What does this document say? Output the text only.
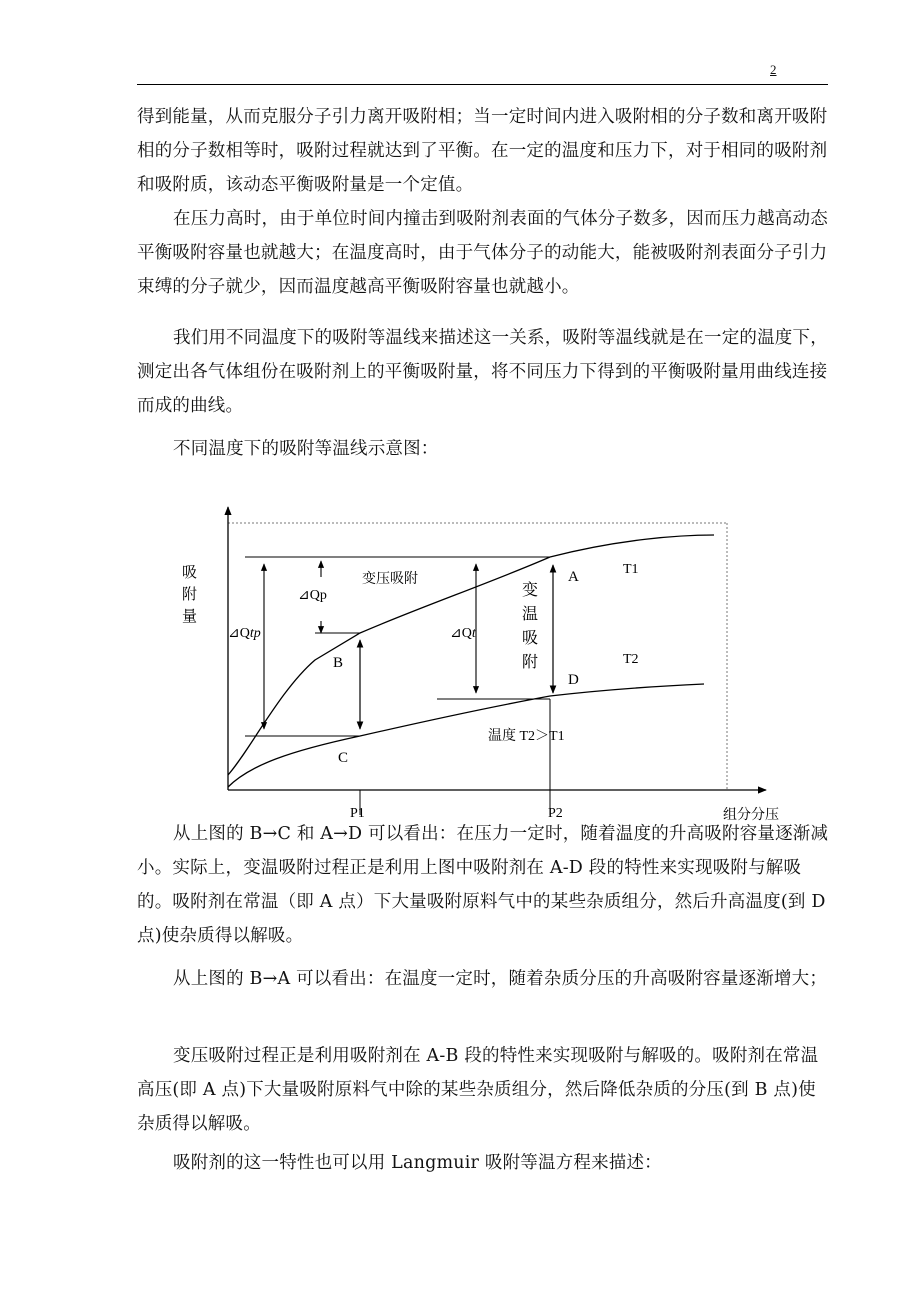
2

得到能量，从而克服分子引力离开吸附相；当一定时间内进入吸附相的分子数和离开吸附相的分子数相等时，吸附过程就达到了平衡。在一定的温度和压力下，对于相同的吸附剂和吸附质，该动态平衡吸附量是一个定值。

在压力高时，由于单位时间内撞击到吸附剂表面的气体分子数多，因而压力越高动态平衡吸附容量也就越大；在温度高时，由于气体分子的动能大，能被吸附剂表面分子引力束缚的分子就少，因而温度越高平衡吸附容量也就越小。

我们用不同温度下的吸附等温线来描述这一关系，吸附等温线就是在一定的温度下，测定出各气体组份在吸附剂上的平衡吸附量，将不同压力下得到的平衡吸附量用曲线连接而成的曲线。

不同温度下的吸附等温线示意图：

吸
附
量
变压吸附
⊿Qp
⊿Qtp	⊿Qt
变
温
吸
附
A
B
C
D
T1
T2
温度 T2＞T1
P1	P2	组分分压

从上图的 B→C 和 A→D 可以看出：在压力一定时，随着温度的升高吸附容量逐渐减小。实际上，变温吸附过程正是利用上图中吸附剂在 A-D 段的特性来实现吸附与解吸的。吸附剂在常温（即 A 点）下大量吸附原料气中的某些杂质组分，然后升高温度(到 D 点)使杂质得以解吸。

从上图的 B→A 可以看出：在温度一定时，随着杂质分压的升高吸附容量逐渐增大；

变压吸附过程正是利用吸附剂在 A-B 段的特性来实现吸附与解吸的。吸附剂在常温高压(即 A 点)下大量吸附原料气中除的某些杂质组分，然后降低杂质的分压(到 B 点)使杂质得以解吸。

吸附剂的这一特性也可以用 Langmuir 吸附等温方程来描述：
